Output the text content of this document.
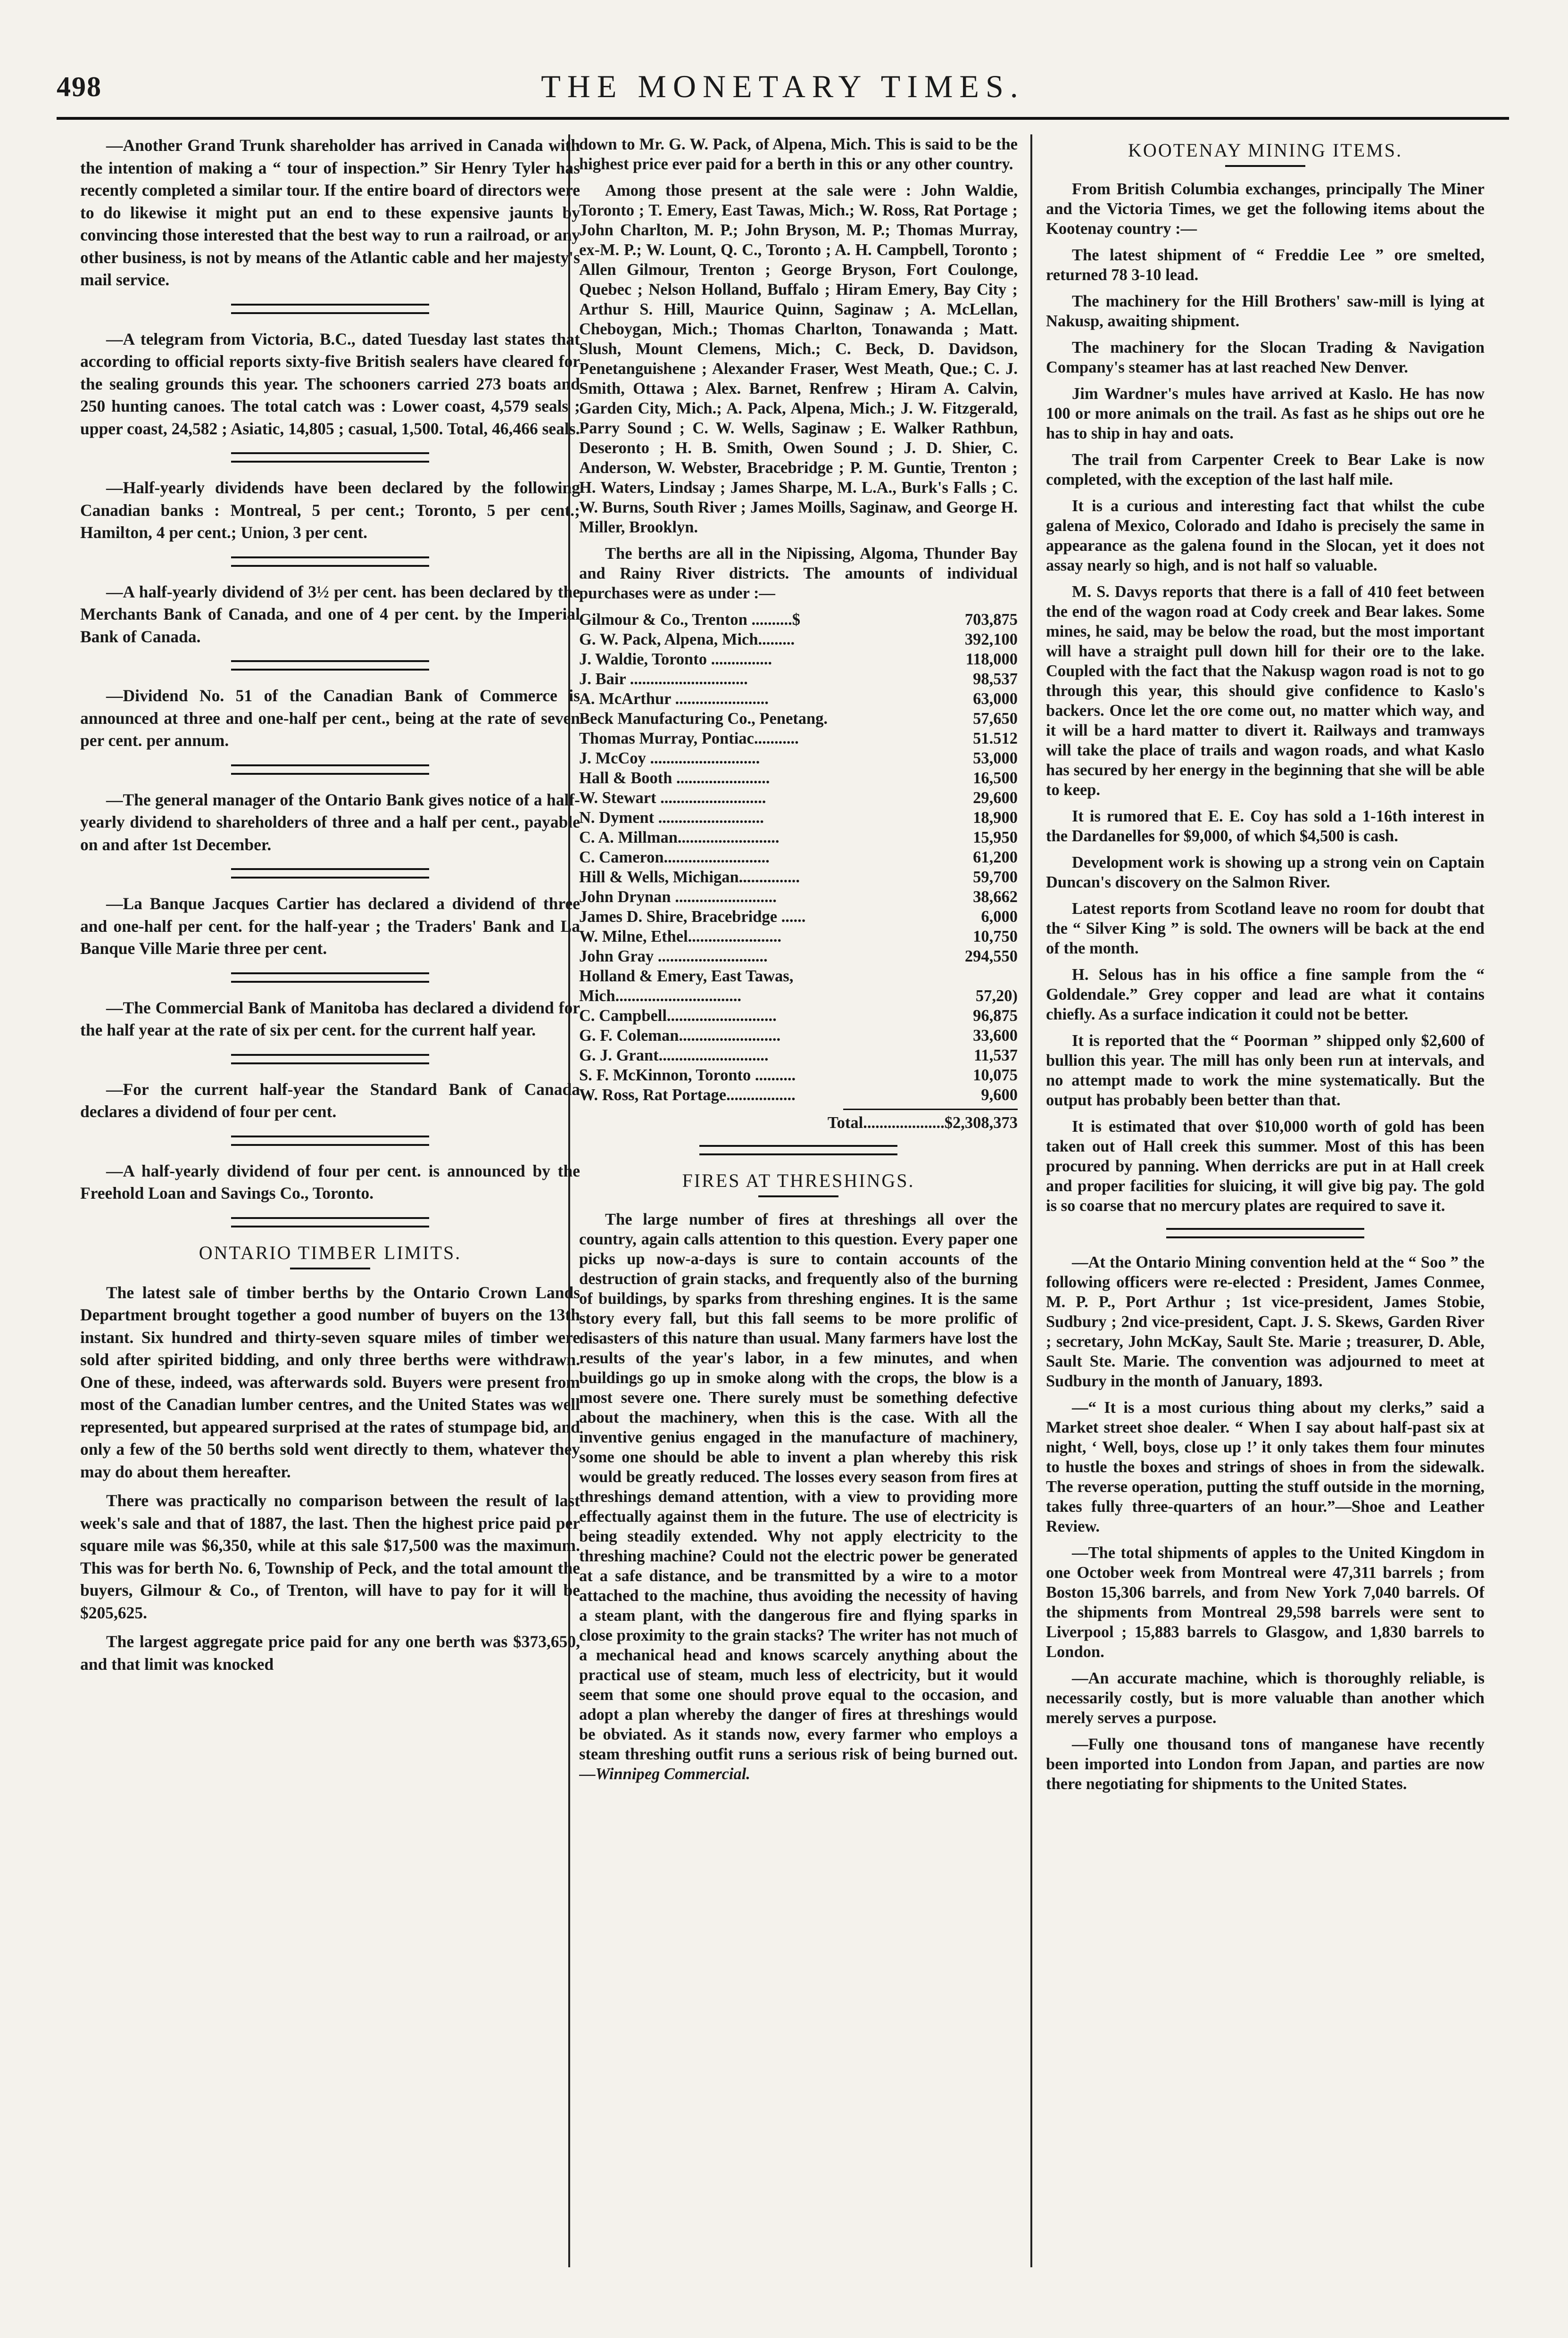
498	THE MONETARY TIMES.

—Another Grand Trunk shareholder has arrived in Canada with the intention of making a “ tour of inspection.” Sir Henry Tyler has recently completed a similar tour. If the entire board of directors were to do likewise it might put an end to these expensive jaunts by convincing those interested that the best way to run a railroad, or any other business, is not by means of the Atlantic cable and her majesty's mail service.

—A telegram from Victoria, B.C., dated Tuesday last states that according to official reports sixty-five British sealers have cleared for the sealing grounds this year. The schooners carried 273 boats and 250 hunting canoes. The total catch was : Lower coast, 4,579 seals ; upper coast, 24,582 ; Asiatic, 14,805 ; casual, 1,500. Total, 46,466 seals.

—Half-yearly dividends have been declared by the following Canadian banks : Montreal, 5 per cent.; Toronto, 5 per cent.; Hamilton, 4 per cent.; Union, 3 per cent.

—A half-yearly dividend of 3½ per cent. has been declared by the Merchants Bank of Canada, and one of 4 per cent. by the Imperial Bank of Canada.

—Dividend No. 51 of the Canadian Bank of Commerce is announced at three and one-half per cent., being at the rate of seven per cent. per annum.

—The general manager of the Ontario Bank gives notice of a half-yearly dividend to shareholders of three and a half per cent., payable on and after 1st December.

—La Banque Jacques Cartier has declared a dividend of three and one-half per cent. for the half-year ; the Traders' Bank and La Banque Ville Marie three per cent.

—The Commercial Bank of Manitoba has declared a dividend for the half year at the rate of six per cent. for the current half year.

—For the current half-year the Standard Bank of Canada declares a dividend of four per cent.

—A half-yearly dividend of four per cent. is announced by the Freehold Loan and Savings Co., Toronto.

ONTARIO TIMBER LIMITS.

The latest sale of timber berths by the Ontario Crown Lands Department brought together a good number of buyers on the 13th instant. Six hundred and thirty-seven square miles of timber were sold after spirited bidding, and only three berths were withdrawn. One of these, indeed, was afterwards sold. Buyers were present from most of the Canadian lumber centres, and the United States was well represented, but appeared surprised at the rates of stumpage bid, and only a few of the 50 berths sold went directly to them, whatever they may do about them hereafter.

There was practically no comparison between the result of last week's sale and that of 1887, the last. Then the highest price paid per square mile was $6,350, while at this sale $17,500 was the maximum. This was for berth No. 6, Township of Peck, and the total amount the buyers, Gilmour & Co., of Trenton, will have to pay for it will be $205,625.

The largest aggregate price paid for any one berth was $373,650, and that limit was knocked

down to Mr. G. W. Pack, of Alpena, Mich. This is said to be the highest price ever paid for a berth in this or any other country.

Among those present at the sale were : John Waldie, Toronto ; T. Emery, East Tawas, Mich.; W. Ross, Rat Portage ; John Charlton, M. P.; John Bryson, M. P.; Thomas Murray, ex-M. P.; W. Lount, Q. C., Toronto ; A. H. Campbell, Toronto ; Allen Gilmour, Trenton ; George Bryson, Fort Coulonge, Quebec ; Nelson Holland, Buffalo ; Hiram Emery, Bay City ; Arthur S. Hill, Maurice Quinn, Saginaw ; A. McLellan, Cheboygan, Mich.; Thomas Charlton, Tonawanda ; Matt. Slush, Mount Clemens, Mich.; C. Beck, D. Davidson, Penetanguishene ; Alexander Fraser, West Meath, Que.; C. J. Smith, Ottawa ; Alex. Barnet, Renfrew ; Hiram A. Calvin, Garden City, Mich.; A. Pack, Alpena, Mich.; J. W. Fitzgerald, Parry Sound ; C. W. Wells, Saginaw ; E. Walker Rathbun, Deseronto ; H. B. Smith, Owen Sound ; J. D. Shier, C. Anderson, W. Webster, Bracebridge ; P. M. Guntie, Trenton ; H. Waters, Lindsay ; James Sharpe, M. L.A., Burk's Falls ; C. W. Burns, South River ; James Moills, Saginaw, and George H. Miller, Brooklyn.

The berths are all in the Nipissing, Algoma, Thunder Bay and Rainy River districts. The amounts of individual purchases were as under :—

Gilmour & Co., Trenton ..........$	703,875
G. W. Pack, Alpena, Mich.........	392,100
J. Waldie, Toronto ...............	118,000
J. Bair .............................	98,537
A. McArthur .......................	63,000
Beck Manufacturing Co., Penetang.	57,650
Thomas Murray, Pontiac...........	51.512
J. McCoy ...........................	53,000
Hall & Booth .......................	16,500
W. Stewart ..........................	29,600
N. Dyment ..........................	18,900
C. A. Millman.........................	15,950
C. Cameron..........................	61,200
Hill & Wells, Michigan...............	59,700
John Drynan .........................	38,662
James D. Shire, Bracebridge ......	6,000
W. Milne, Ethel.......................	10,750
John Gray ...........................	294,550
Holland & Emery, East Tawas,	
Mich...............................	57,20)
C. Campbell...........................	96,875
G. F. Coleman.........................	33,600
G. J. Grant...........................	11,537
S. F. McKinnon, Toronto ..........	10,075
W. Ross, Rat Portage.................	9,600
Total....................$2,308,373
FIRES AT THRESHINGS.

The large number of fires at threshings all over the country, again calls attention to this question. Every paper one picks up now-a-days is sure to contain accounts of the destruction of grain stacks, and frequently also of the burning of buildings, by sparks from threshing engines. It is the same story every fall, but this fall seems to be more prolific of disasters of this nature than usual. Many farmers have lost the results of the year's labor, in a few minutes, and when buildings go up in smoke along with the crops, the blow is a most severe one. There surely must be something defective about the machinery, when this is the case. With all the inventive genius engaged in the manufacture of machinery, some one should be able to invent a plan whereby this risk would be greatly reduced. The losses every season from fires at threshings demand attention, with a view to providing more effectually against them in the future. The use of electricity is being steadily extended. Why not apply electricity to the threshing machine? Could not the electric power be generated at a safe distance, and be transmitted by a wire to a motor attached to the machine, thus avoiding the necessity of having a steam plant, with the dangerous fire and flying sparks in close proximity to the grain stacks? The writer has not much of a mechanical head and knows scarcely anything about the practical use of steam, much less of electricity, but it would seem that some one should prove equal to the occasion, and adopt a plan whereby the danger of fires at threshings would be obviated. As it stands now, every farmer who employs a steam threshing outfit runs a serious risk of being burned out.—Winnipeg Commercial.

KOOTENAY MINING ITEMS.

From British Columbia exchanges, principally The Miner and the Victoria Times, we get the following items about the Kootenay country :—

The latest shipment of “ Freddie Lee ” ore smelted, returned 78 3-10 lead.

The machinery for the Hill Brothers' saw-mill is lying at Nakusp, awaiting shipment.

The machinery for the Slocan Trading & Navigation Company's steamer has at last reached New Denver.

Jim Wardner's mules have arrived at Kaslo. He has now 100 or more animals on the trail. As fast as he ships out ore he has to ship in hay and oats.

The trail from Carpenter Creek to Bear Lake is now completed, with the exception of the last half mile.

It is a curious and interesting fact that whilst the cube galena of Mexico, Colorado and Idaho is precisely the same in appearance as the galena found in the Slocan, yet it does not assay nearly so high, and is not half so valuable.

M. S. Davys reports that there is a fall of 410 feet between the end of the wagon road at Cody creek and Bear lakes. Some mines, he said, may be below the road, but the most important will have a straight pull down hill for their ore to the lake. Coupled with the fact that the Nakusp wagon road is not to go through this year, this should give confidence to Kaslo's backers. Once let the ore come out, no matter which way, and it will be a hard matter to divert it. Railways and tramways will take the place of trails and wagon roads, and what Kaslo has secured by her energy in the beginning that she will be able to keep.

It is rumored that E. E. Coy has sold a 1-16th interest in the Dardanelles for $9,000, of which $4,500 is cash.

Development work is showing up a strong vein on Captain Duncan's discovery on the Salmon River.

Latest reports from Scotland leave no room for doubt that the “ Silver King ” is sold. The owners will be back at the end of the month.

H. Selous has in his office a fine sample from the “ Goldendale.” Grey copper and lead are what it contains chiefly. As a surface indication it could not be better.

It is reported that the “ Poorman ” shipped only $2,600 of bullion this year. The mill has only been run at intervals, and no attempt made to work the mine systematically. But the output has probably been better than that.

It is estimated that over $10,000 worth of gold has been taken out of Hall creek this summer. Most of this has been procured by panning. When derricks are put in at Hall creek and proper facilities for sluicing, it will give big pay. The gold is so coarse that no mercury plates are required to save it.

—At the Ontario Mining convention held at the “ Soo ” the following officers were re-elected : President, James Conmee, M. P. P., Port Arthur ; 1st vice-president, James Stobie, Sudbury ; 2nd vice-president, Capt. J. S. Skews, Garden River ; secretary, John McKay, Sault Ste. Marie ; treasurer, D. Able, Sault Ste. Marie. The convention was adjourned to meet at Sudbury in the month of January, 1893.

—“ It is a most curious thing about my clerks,” said a Market street shoe dealer. “ When I say about half-past six at night, ‘ Well, boys, close up !’ it only takes them four minutes to hustle the boxes and strings of shoes in from the sidewalk. The reverse operation, putting the stuff outside in the morning, takes fully three-quarters of an hour.”—Shoe and Leather Review.

—The total shipments of apples to the United Kingdom in one October week from Montreal were 47,311 barrels ; from Boston 15,306 barrels, and from New York 7,040 barrels. Of the shipments from Montreal 29,598 barrels were sent to Liverpool ; 15,883 barrels to Glasgow, and 1,830 barrels to London.

—An accurate machine, which is thoroughly reliable, is necessarily costly, but is more valuable than another which merely serves a purpose.

—Fully one thousand tons of manganese have recently been imported into London from Japan, and parties are now there negotiating for shipments to the United States.
